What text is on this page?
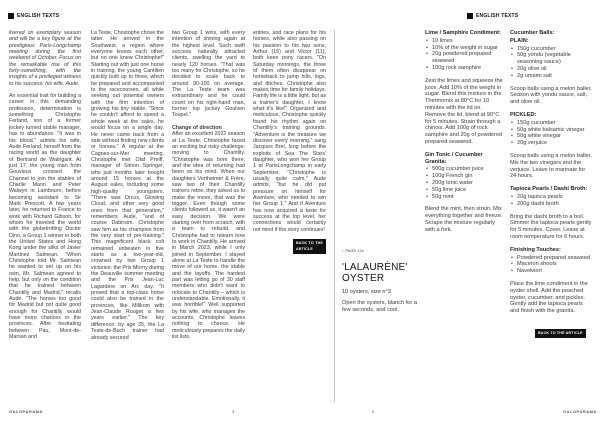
ENGLISH TEXTS	ENGLISH TEXTS

livered on exemplary season and will be a key figure at the prestigious Paris-Longchamp meeting during the first weekend of October. Focus on the remarkable rise of this forty-something, with the insights of a privileged witness to his success: his wife, Aude.

An essential trait for building a career in this demanding profession, determination is something Christophe Ferland, son of a former jockey turned stable manager, has in abundance. "It was in his blood," admits his wife, Aude Ferland, herself from the racing world as the daughter of Bertrand de Watrigant. At just 17, the young man from Gouvieux crossed the Channel to join the stables of Charlie Mann and Peter Walwyn in Lambourn, before becoming assistant to Sir Mark Prescott. A few years later, he returned to France to work with Richard Gibson, for whom he traveled the world with the globetrotting Doctor Dino, a Group 1 winner in both the United States and Hong Kong under the silks of Javier Martinez Salmean. "When Christophe told Mr. Salmean he wanted to set up on his own, Mr. Salmean agreed to help, but only on the condition that he trained between Chantilly and Madrid," recalls Aude. "The horses too good for Madrid but not quite good enough for Chantilly would have more chances in the provinces. After hesitating between Pau, Mont-de-Marsan and

La Teste, Christophe chose the latter. He arrived in the Southwest, a region where everyone knows each other, but no one knew Christophe!" Starting out with just one horse in training, the young Cantilien quickly built up to three, which he prepared and accompanied to the racecourses, all while seeking out potential owners with the firm intention of growing his tiny stable. "Since he couldn't afford to spend a whole week at the sales, he would focus on a single day. He never came back from a sale without finding new clients or horses." A regular at the Cagnes-sur-Mer meeting, Christophe met Olaf Preiff, manager of Simon Springer, who just months later bought around 15 horses at the August sales, including some high-quality youngsters. "There was Orcus, Glowing Cloud, and other very good ones from that generation," remembers Aude, "and of course Dabirsim. Christophe saw him as his champion from the very start of pre-training." This magnificent black colt remained unbeaten in five starts as a two-year-old, crowned by two Group 1 victories: the Prix Morny during the Deauville summer meeting and the Prix Jean-Luc Lagardère on Arc day. "It proved that a top-class horse could also be trained in the provinces, like Millkom with Jean-Claude Rouget a few years earlier." The key difference: by age 35, the La Teste-de-Buch trainer had already secured

two Group 1 wins, with every intention of shining again at the highest level. Such swift success naturally attracted clients, swelling the yard to nearly 120 horses. "That was too many for Christophe, so he decided to scale back to around 90-100 on average. The La Teste team was extraordinary and he could count on his right-hand man, former top jockey Goulven Toupel."

Change of direction

After an excellent 2022 season at La Teste, Christophe faced an exciting but risky challenge: moving to Chantilly. "Christophe was born there, and the idea of returning had been on his mind. When our daughters Vertheimer & Frère, saw two of their Chantilly trainers retire, they asked us to make the move, that was the trigger. Even though some clients followed us, it wasn't an easy decision. We were starting over from scratch, with a team to rebuild, and Christophe had to relearn how to work in Chantilly. He arrived in March 2023, while I only joined in September. I stayed alone at La Teste to handle the move of our home, the stable and the layoffs. The hardest part was letting go of 30 staff members who didn't want to relocate to Chantilly – which is understandable. Emotionally, it was horrible!" Well supported by his wife, who manages the accounts, Christophe leaves nothing to chance. He meticulously prepares the daily list lists,

entries, and race plans for his horses, while also passing on his passion to his two sons, Arthur (15) and Victor (11), both keen pony racers. "On Saturday mornings, the three of them often disappear on horseback to jump hills, logs, and ditches. Christophe also makes time for family holidays. Family life is a little light, but as a trainer's daughter, I know what it's like!" Organized and meticulous, Christophe quickly found his rhythm again on Chantilly's training grounds. "Adventure is the treasure we discover every morning," sang Jacques Brel, long before the exploits of Sea The Stars' daughter, who won her Group 1 at ParisLongchamp in early September. "Christophe is usually quite calm," Aude admits, "but he did put pressure on himself for Aventure, who needed to win her Group 1." And if Aventure has now acquired a taste for success at the top level, her connections would certainly not mind if the story continues!

BACK TO THE ARTICLE	› PAGE 124
'LALAURÈNE' OYSTER
10 oysters, size n°3

Open the oysters, blanch for a few seconds, and cool.

Lime / Samphire Condiment:
• 10 limes
• 10% of the weight in sugar
• 20g powdered prepared seaweed
• 100g rock samphire

Zest the limes and squeeze the juice. Add 10% of the weight in sugar. Blend this mixture in the Thermomix at 80°C for 10 minutes with the lid on. Remove the lid, blend at 90°C for 5 minutes. Strain through a chinois. Add 100g of rock samphire and 20g of powdered prepared seaweed.

Gin Tonic / Cucumber Granita:
• 500g cucumber juice
• 100g French gin
• 200g tonic water
• 50g lime juice
• 50g mint

Blend the mint, then strain. Mix everything together and freeze. Scrape the mixture regularly with a fork.

Cucumber Balls:
PLAIN:
• 150g cucumber
• 50g yondu (vegetable seasoning sauce)
• 20g olive oil
• 2g umami salt

Scoop balls using a melon baller. Season with yondu sauce, salt, and olive oil.

PICKLED:
• 150g cucumber
• 50g white balsamic vinegar
• 50g white vinegar
• 20g verjuice

Scoop balls using a melon baller. Mix the two vinegars and the verjuice. Leave to marinate for 24 hours.

Tapioca Pearls / Dashi Broth:
• 20g tapioca pearls
• 200g dashi broth

Bring the dashi broth to a boil. Simmer the tapioca pearls gently for 5 minutes. Cover. Leave at room temperature for 6 hours.

Finishing Touches:
• Powdered prepared seaweed
• Maceron shoots
• Navelwort

Place the lime condiment in the oyster shell. Add the poached oyster, cucumber, and pickles. Gently add the tapioca pearls and finish with the granita.

BACK TO THE ARTICLE
GALOPARAMA	3	5	GALOPARAMA
